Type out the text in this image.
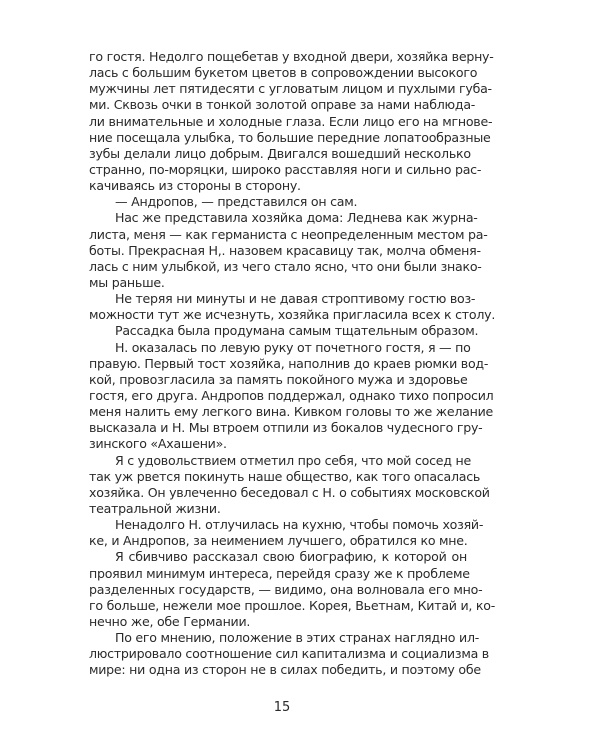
го гостя. Недолго пощебетав у входной двери, хозяйка верну-
лась с большим букетом цветов в сопровождении высокого
мужчины лет пятидесяти с угловатым лицом и пухлыми губа-
ми. Сквозь очки в тонкой золотой оправе за нами наблюда-
ли внимательные и холодные глаза. Если лицо его на мгнове-
ние посещала улыбка, то большие передние лопатообразные
зубы делали лицо добрым. Двигался вошедший несколько
странно, по-моряцки, широко расставляя ноги и сильно рас-
качиваясь из стороны в сторону.
— Андропов, — представился он сам.
Нас же представила хозяйка дома: Леднева как журна-
листа, меня — как германиста с неопределенным местом ра-
боты. Прекрасная Н,. назовем красавицу так, молча обменя-
лась с ним улыбкой, из чего стало ясно, что они были знако-
мы раньше.
Не теряя ни минуты и не давая строптивому гостю воз-
можности тут же исчезнуть, хозяйка пригласила всех к столу.
Рассадка была продумана самым тщательным образом.
Н. оказалась по левую руку от почетного гостя, я — по
правую. Первый тост хозяйка, наполнив до краев рюмки вод-
кой, провозгласила за память покойного мужа и здоровье
гостя, его друга. Андропов поддержал, однако тихо попросил
меня налить ему легкого вина. Кивком головы то же желание
высказала и Н. Мы втроем отпили из бокалов чудесного гру-
зинского «Ахашени».
Я с удовольствием отметил про себя, что мой сосед не
так уж рвется покинуть наше общество, как того опасалась
хозяйка. Он увлеченно беседовал с Н. о событиях московской
театральной жизни.
Ненадолго Н. отлучилась на кухню, чтобы помочь хозяй-
ке, и Андропов, за неимением лучшего, обратился ко мне.
Я сбивчиво рассказал свою биографию, к которой он
проявил минимум интереса, перейдя сразу же к проблеме
разделенных государств, — видимо, она волновала его мно-
го больше, нежели мое прошлое. Корея, Вьетнам, Китай и, ко-
нечно же, обе Германии.
По его мнению, положение в этих странах наглядно ил-
люстрировало соотношение сил капитализма и социализма в
мире: ни одна из сторон не в силах победить, и поэтому обе
15
